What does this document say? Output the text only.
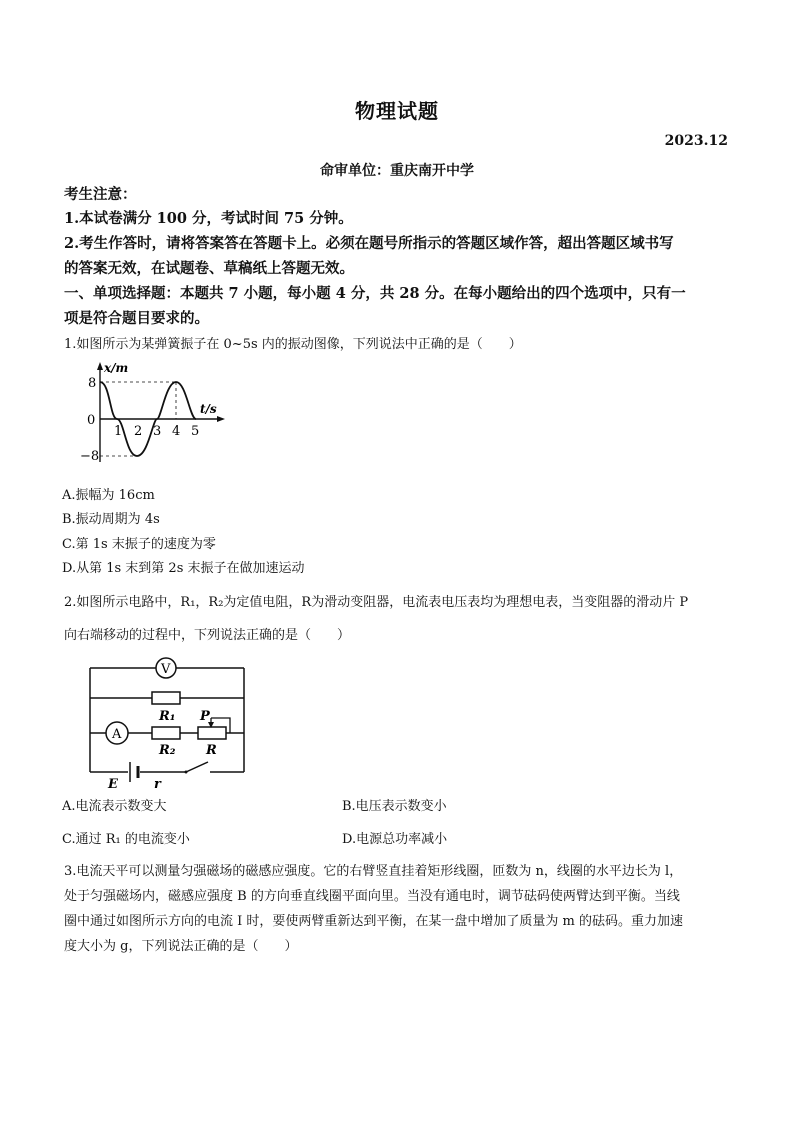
物理试题
2023.12
命审单位：重庆南开中学
考生注意：
1.本试卷满分 100 分，考试时间 75 分钟。
2.考生作答时，请将答案答在答题卡上。必须在题号所指示的答题区域作答，超出答题区域书写
的答案无效，在试题卷、草稿纸上答题无效。
一、单项选择题：本题共 7 小题，每小题 4 分，共 28 分。在每小题给出的四个选项中，只有一
项是符合题目要求的。
1.如图所示为某弹簧振子在 0~5s 内的振动图像，下列说法中正确的是（　　）
x/m
t/s
0
8
−8
1 2 3 4 5
A.振幅为 16cm
B.振动周期为 4s
C.第 1s 末振子的速度为零
D.从第 1s 末到第 2s 末振子在做加速运动
2.如图所示电路中，R₁，R₂为定值电阻，R为滑动变阻器，电流表电压表均为理想电表，当变阻器的滑动片 P
向右端移动的过程中，下列说法正确的是（　　）
V
R₁
A
R₂ R
P
E	r
A.电流表示数变大	B.电压表示数变小
C.通过 R₁ 的电流变小	D.电源总功率减小
3.电流天平可以测量匀强磁场的磁感应强度。它的右臂竖直挂着矩形线圈，匝数为 n，线圈的水平边长为 l，
处于匀强磁场内，磁感应强度 B 的方向垂直线圈平面向里。当没有通电时，调节砝码使两臂达到平衡。当线
圈中通过如图所示方向的电流 I 时，要使两臂重新达到平衡，在某一盘中增加了质量为 m 的砝码。重力加速
度大小为 g，下列说法正确的是（　　）
